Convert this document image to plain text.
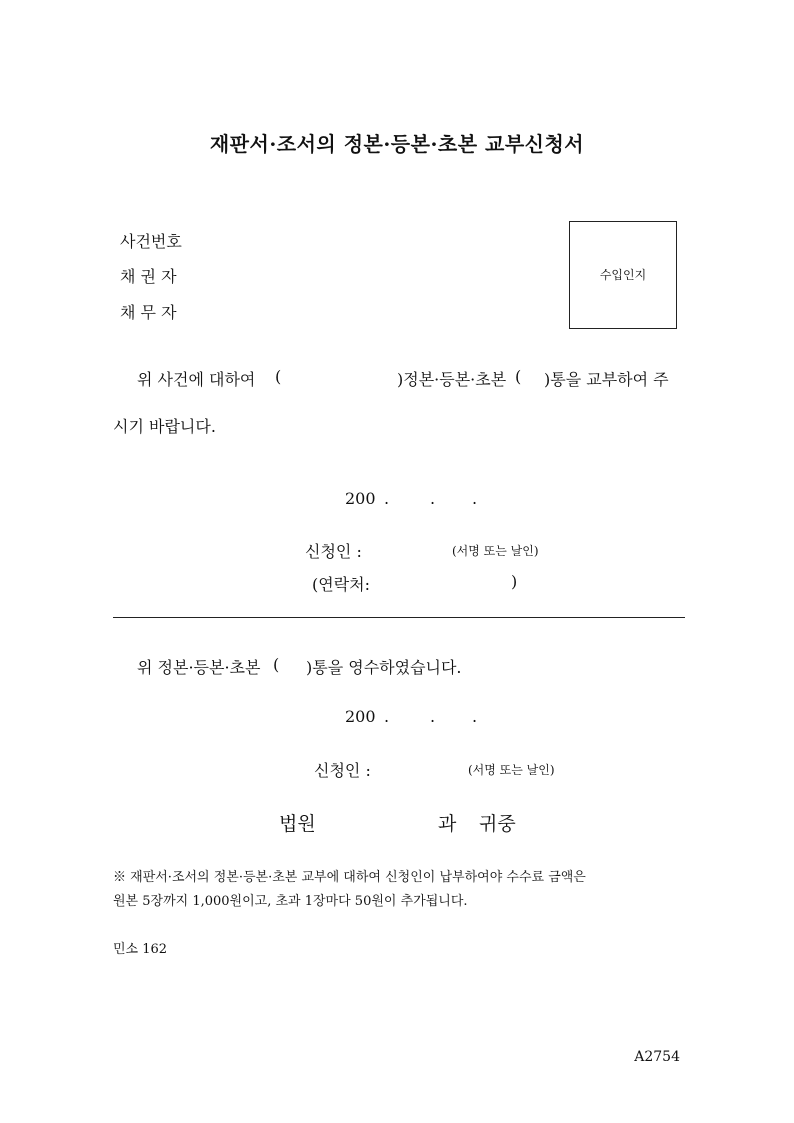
재판서·조서의 정본·등본·초본 교부신청서
사건번호
채 권 자
채 무 자
수입인지
위 사건에 대하여 (	)정본·등본·초본 ( )통을 교부하여 주
시기 바랍니다.
200 .	. .
신청인 :	(서명 또는 날인)
(연락처:	)
위 정본·등본·초본 ( )통을 영수하였습니다.
200 .	. .
신청인 :	(서명 또는 날인)
법원	과 귀중
※ 재판서·조서의 정본·등본·초본 교부에 대하여 신청인이 납부하여야 수수료 금액은
원본 5장까지 1,000원이고, 초과 1장마다 50원이 추가됩니다.
민소 162
A2754
